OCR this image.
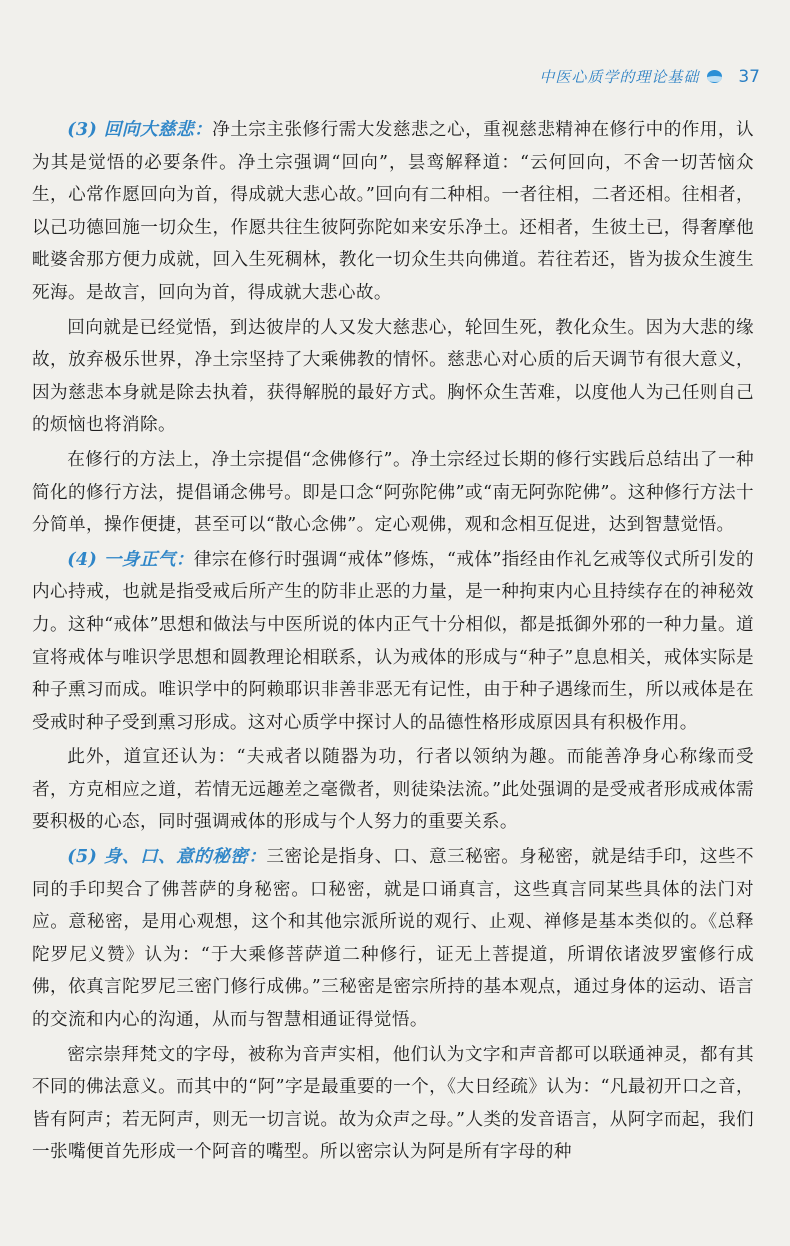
中医心质学的理论基础 37

(3) 回向大慈悲：净土宗主张修行需大发慈悲之心，重视慈悲精神在修行中的作用，认为其是觉悟的必要条件。净土宗强调“回向”，昙鸾解释道：“云何回向，不舍一切苦恼众生，心常作愿回向为首，得成就大悲心故。”回向有二种相。一者往相，二者还相。往相者，以己功德回施一切众生，作愿共往生彼阿弥陀如来安乐净土。还相者，生彼土已，得奢摩他毗婆舍那方便力成就，回入生死稠林，教化一切众生共向佛道。若往若还，皆为拔众生渡生死海。是故言，回向为首，得成就大悲心故。

回向就是已经觉悟，到达彼岸的人又发大慈悲心，轮回生死，教化众生。因为大悲的缘故，放弃极乐世界，净土宗坚持了大乘佛教的情怀。慈悲心对心质的后天调节有很大意义，因为慈悲本身就是除去执着，获得解脱的最好方式。胸怀众生苦难，以度他人为己任则自己的烦恼也将消除。

在修行的方法上，净土宗提倡“念佛修行”。净土宗经过长期的修行实践后总结出了一种简化的修行方法，提倡诵念佛号。即是口念“阿弥陀佛”或“南无阿弥陀佛”。这种修行方法十分简单，操作便捷，甚至可以“散心念佛”。定心观佛，观和念相互促进，达到智慧觉悟。

(4) 一身正气：律宗在修行时强调“戒体”修炼，“戒体”指经由作礼乞戒等仪式所引发的内心持戒，也就是指受戒后所产生的防非止恶的力量，是一种拘束内心且持续存在的神秘效力。这种“戒体”思想和做法与中医所说的体内正气十分相似，都是抵御外邪的一种力量。道宣将戒体与唯识学思想和圆教理论相联系，认为戒体的形成与“种子”息息相关，戒体实际是种子熏习而成。唯识学中的阿赖耶识非善非恶无有记性，由于种子遇缘而生，所以戒体是在受戒时种子受到熏习形成。这对心质学中探讨人的品德性格形成原因具有积极作用。

此外，道宣还认为：“夫戒者以随器为功，行者以领纳为趣。而能善净身心称缘而受者，方克相应之道，若情无远趣差之毫微者，则徒染法流。”此处强调的是受戒者形成戒体需要积极的心态，同时强调戒体的形成与个人努力的重要关系。

(5) 身、口、意的秘密：三密论是指身、口、意三秘密。身秘密，就是结手印，这些不同的手印契合了佛菩萨的身秘密。口秘密，就是口诵真言，这些真言同某些具体的法门对应。意秘密，是用心观想，这个和其他宗派所说的观行、止观、禅修是基本类似的。《总释陀罗尼义赞》认为：“于大乘修菩萨道二种修行，证无上菩提道，所谓依诸波罗蜜修行成佛，依真言陀罗尼三密门修行成佛。”三秘密是密宗所持的基本观点，通过身体的运动、语言的交流和内心的沟通，从而与智慧相通证得觉悟。

密宗崇拜梵文的字母，被称为音声实相，他们认为文字和声音都可以联通神灵，都有其不同的佛法意义。而其中的“阿”字是最重要的一个，《大日经疏》认为：“凡最初开口之音，皆有阿声；若无阿声，则无一切言说。故为众声之母。”人类的发音语言，从阿字而起，我们一张嘴便首先形成一个阿音的嘴型。所以密宗认为阿是所有字母的种
